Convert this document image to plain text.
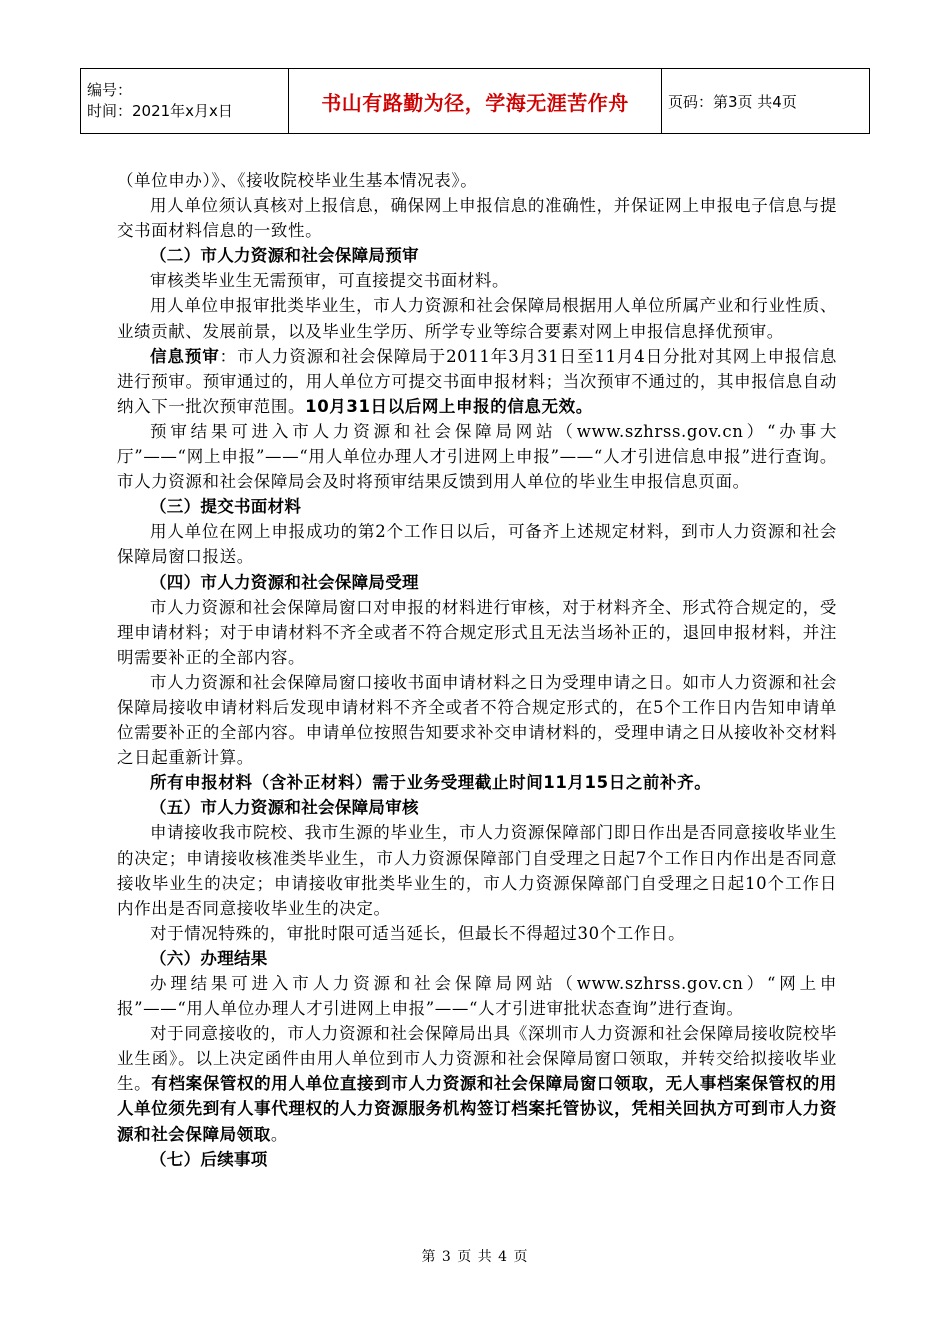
编号：
时间：2021年x月x日	书山有路勤为径，学海无涯苦作舟	页码：第3页 共4页

（单位申办）》、《接收院校毕业生基本情况表》。

用人单位须认真核对上报信息，确保网上申报信息的准确性，并保证网上申报电子信息与提交书面材料信息的一致性。

（二）市人力资源和社会保障局预审

审核类毕业生无需预审，可直接提交书面材料。

用人单位申报审批类毕业生，市人力资源和社会保障局根据用人单位所属产业和行业性质、业绩贡献、发展前景，以及毕业生学历、所学专业等综合要素对网上申报信息择优预审。

信息预审：市人力资源和社会保障局于2011年3月31日至11月4日分批对其网上申报信息进行预审。预审通过的，用人单位方可提交书面申报材料；当次预审不通过的，其申报信息自动纳入下一批次预审范围。10月31日以后网上申报的信息无效。

预审结果可进入市人力资源和社会保障局网站（www.szhrss.gov.cn）“办事大厅”——“网上申报”——“用人单位办理人才引进网上申报”——“人才引进信息申报”进行查询。市人力资源和社会保障局会及时将预审结果反馈到用人单位的毕业生申报信息页面。

（三）提交书面材料

用人单位在网上申报成功的第2个工作日以后，可备齐上述规定材料，到市人力资源和社会保障局窗口报送。

（四）市人力资源和社会保障局受理

市人力资源和社会保障局窗口对申报的材料进行审核，对于材料齐全、形式符合规定的，受理申请材料；对于申请材料不齐全或者不符合规定形式且无法当场补正的，退回申报材料，并注明需要补正的全部内容。

市人力资源和社会保障局窗口接收书面申请材料之日为受理申请之日。如市人力资源和社会保障局接收申请材料后发现申请材料不齐全或者不符合规定形式的，在5个工作日内告知申请单位需要补正的全部内容。申请单位按照告知要求补交申请材料的，受理申请之日从接收补交材料之日起重新计算。

所有申报材料（含补正材料）需于业务受理截止时间11月15日之前补齐。

（五）市人力资源和社会保障局审核

申请接收我市院校、我市生源的毕业生，市人力资源保障部门即日作出是否同意接收毕业生的决定；申请接收核准类毕业生，市人力资源保障部门自受理之日起7个工作日内作出是否同意接收毕业生的决定；申请接收审批类毕业生的，市人力资源保障部门自受理之日起10个工作日内作出是否同意接收毕业生的决定。

对于情况特殊的，审批时限可适当延长，但最长不得超过30个工作日。

（六）办理结果

办理结果可进入市人力资源和社会保障局网站（www.szhrss.gov.cn）“网上申报”——“用人单位办理人才引进网上申报”——“人才引进审批状态查询”进行查询。

对于同意接收的，市人力资源和社会保障局出具《深圳市人力资源和社会保障局接收院校毕业生函》。以上决定函件由用人单位到市人力资源和社会保障局窗口领取，并转交给拟接收毕业生。有档案保管权的用人单位直接到市人力资源和社会保障局窗口领取，无人事档案保管权的用人单位须先到有人事代理权的人力资源服务机构签订档案托管协议，凭相关回执方可到市人力资源和社会保障局领取。

（七）后续事项

第 3 页 共 4 页
